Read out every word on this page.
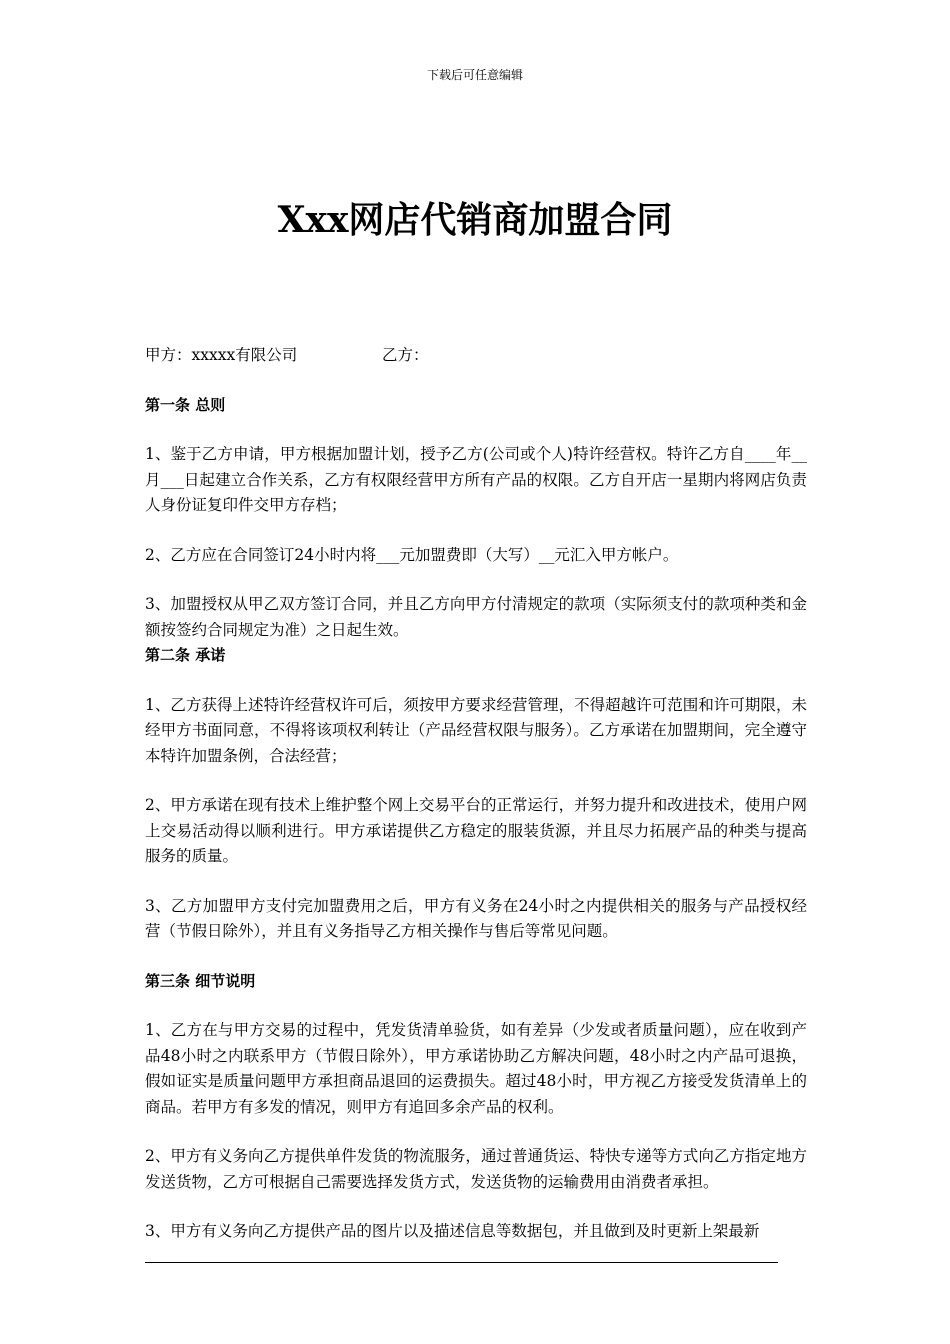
下载后可任意编辑
Xxx网店代销商加盟合同
甲方：xxxxx有限公司	乙方：

第一条 总则

1、鉴于乙方申请，甲方根据加盟计划，授予乙方(公司或个人)特许经营权。特许乙方自____年__月___日起建立合作关系，乙方有权限经营甲方所有产品的权限。乙方自开店一星期内将网店负责人身份证复印件交甲方存档；

2、乙方应在合同签订24小时内将___元加盟费即（大写）__元汇入甲方帐户。

3、加盟授权从甲乙双方签订合同，并且乙方向甲方付清规定的款项（实际须支付的款项种类和金额按签约合同规定为准）之日起生效。

第二条 承诺

1、乙方获得上述特许经营权许可后，须按甲方要求经营管理，不得超越许可范围和许可期限，未经甲方书面同意，不得将该项权利转让（产品经营权限与服务）。乙方承诺在加盟期间，完全遵守本特许加盟条例，合法经营；

2、甲方承诺在现有技术上维护整个网上交易平台的正常运行，并努力提升和改进技术，使用户网上交易活动得以顺利进行。甲方承诺提供乙方稳定的服装货源，并且尽力拓展产品的种类与提高服务的质量。

3、乙方加盟甲方支付完加盟费用之后，甲方有义务在24小时之内提供相关的服务与产品授权经营（节假日除外），并且有义务指导乙方相关操作与售后等常见问题。

第三条 细节说明

1、乙方在与甲方交易的过程中，凭发货清单验货，如有差异（少发或者质量问题），应在收到产品48小时之内联系甲方（节假日除外），甲方承诺协助乙方解决问题，48小时之内产品可退换，假如证实是质量问题甲方承担商品退回的运费损失。超过48小时，甲方视乙方接受发货清单上的商品。若甲方有多发的情况，则甲方有追回多余产品的权利。

2、甲方有义务向乙方提供单件发货的物流服务，通过普通货运、特快专递等方式向乙方指定地方发送货物，乙方可根据自己需要选择发货方式，发送货物的运输费用由消费者承担。

3、甲方有义务向乙方提供产品的图片以及描述信息等数据包，并且做到及时更新上架最新
